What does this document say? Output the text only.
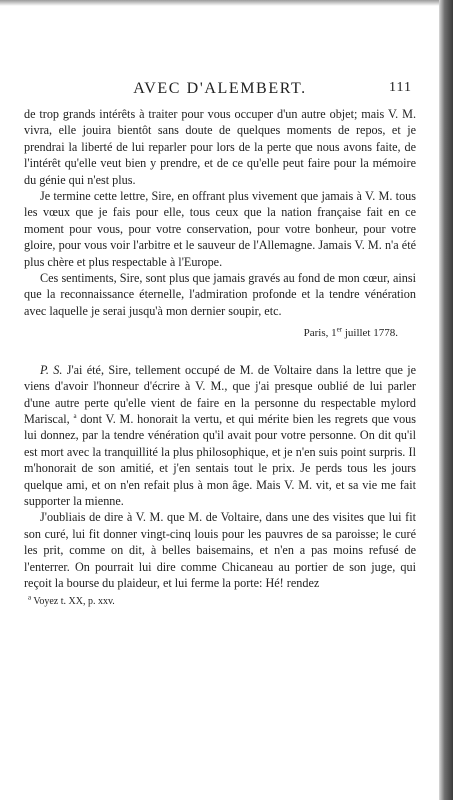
AVEC D'ALEMBERT.	111

de trop grands intérêts à traiter pour vous occuper d'un autre objet; mais V. M. vivra, elle jouira bientôt sans doute de quelques moments de repos, et je prendrai la liberté de lui reparler pour lors de la perte que nous avons faite, de l'intérêt qu'elle veut bien y prendre, et de ce qu'elle peut faire pour la mémoire du génie qui n'est plus.

Je termine cette lettre, Sire, en offrant plus vivement que jamais à V. M. tous les vœux que je fais pour elle, tous ceux que la nation française fait en ce moment pour vous, pour votre conservation, pour votre bonheur, pour votre gloire, pour vous voir l'arbitre et le sauveur de l'Allemagne. Jamais V. M. n'a été plus chère et plus respectable à l'Europe.

Ces sentiments, Sire, sont plus que jamais gravés au fond de mon cœur, ainsi que la reconnaissance éternelle, l'admiration profonde et la tendre vénération avec laquelle je serai jusqu'à mon dernier soupir, etc.

Paris, 1er juillet 1778.

P. S. J'ai été, Sire, tellement occupé de M. de Voltaire dans la lettre que je viens d'avoir l'honneur d'écrire à V. M., que j'ai presque oublié de lui parler d'une autre perte qu'elle vient de faire en la personne du respectable mylord Mariscal, $^a$ dont V. M. honorait la vertu, et qui mérite bien les regrets que vous lui donnez, par la tendre vénération qu'il avait pour votre personne. On dit qu'il est mort avec la tranquillité la plus philosophique, et je n'en suis point surpris. Il m'honorait de son amitié, et j'en sentais tout le prix. Je perds tous les jours quelque ami, et on n'en refait plus à mon âge. Mais V. M. vit, et sa vie me fait supporter la mienne.

J'oubliais de dire à V. M. que M. de Voltaire, dans une des visites que lui fit son curé, lui fit donner vingt-cinq louis pour les pauvres de sa paroisse; le curé les prit, comme on dit, à belles baisemains, et n'en a pas moins refusé de l'enterrer. On pourrait lui dire comme Chicaneau au portier de son juge, qui reçoit la bourse du plaideur, et lui ferme la porte: Hé! rendez

$^a$ Voyez t. XX, p. xxv.
